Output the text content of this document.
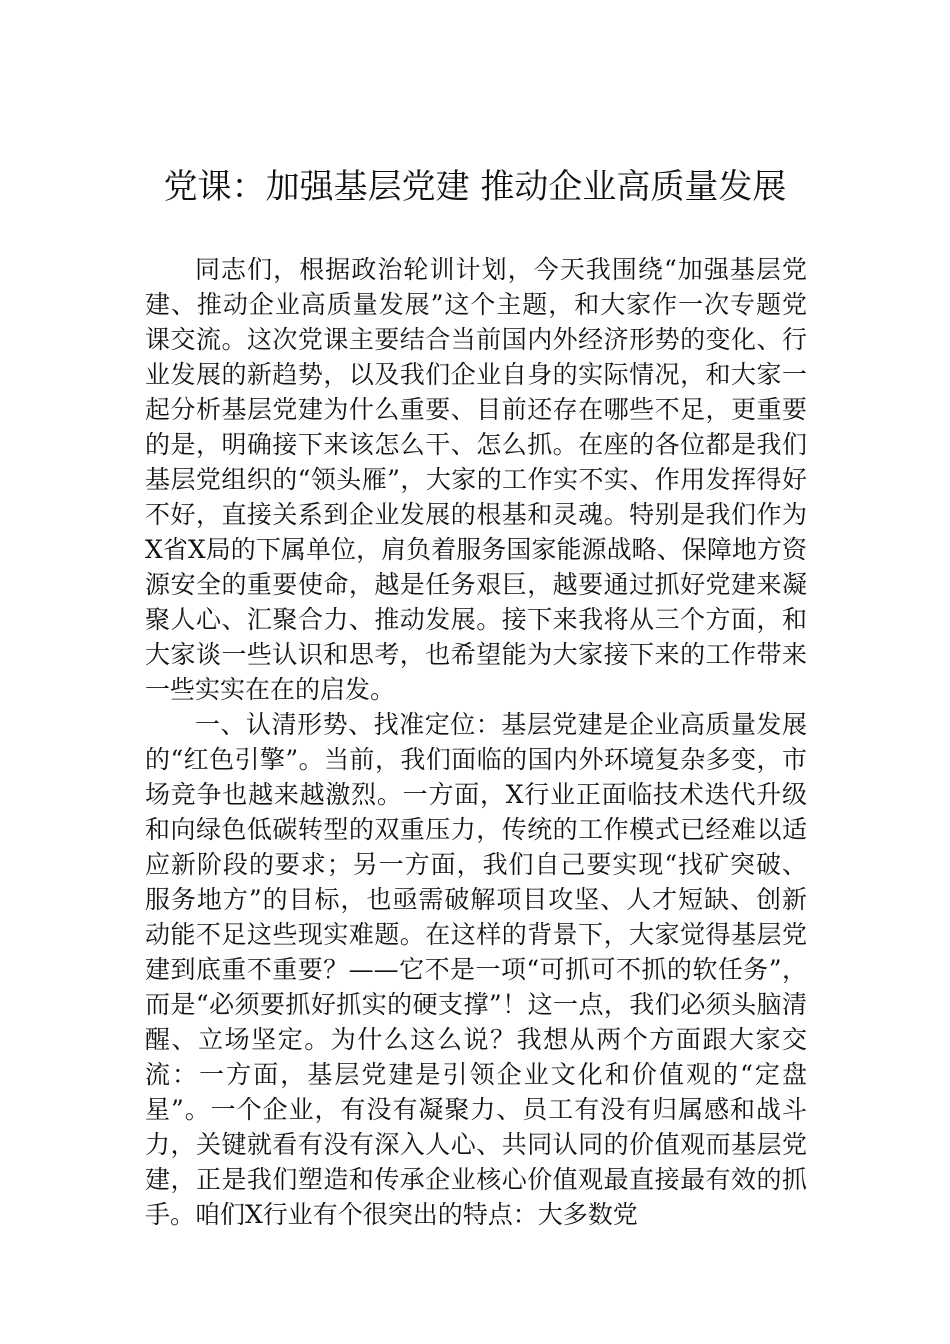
党课：加强基层党建 推动企业高质量发展

同志们，根据政治轮训计划，今天我围绕“加强基层党建、推动企业高质量发展”这个主题，和大家作一次专题党课交流。这次党课主要结合当前国内外经济形势的变化、行业发展的新趋势，以及我们企业自身的实际情况，和大家一起分析基层党建为什么重要、目前还存在哪些不足，更重要的是，明确接下来该怎么干、怎么抓。在座的各位都是我们基层党组织的“领头雁”，大家的工作实不实、作用发挥得好不好，直接关系到企业发展的根基和灵魂。特别是我们作为X省X局的下属单位，肩负着服务国家能源战略、保障地方资源安全的重要使命，越是任务艰巨，越要通过抓好党建来凝聚人心、汇聚合力、推动发展。接下来我将从三个方面，和大家谈一些认识和思考，也希望能为大家接下来的工作带来一些实实在在的启发。

一、认清形势、找准定位：基层党建是企业高质量发展的“红色引擎”。当前，我们面临的国内外环境复杂多变，市场竞争也越来越激烈。一方面，X行业正面临技术迭代升级和向绿色低碳转型的双重压力，传统的工作模式已经难以适应新阶段的要求；另一方面，我们自己要实现“找矿突破、服务地方”的目标，也亟需破解项目攻坚、人才短缺、创新动能不足这些现实难题。在这样的背景下，大家觉得基层党建到底重不重要？——它不是一项“可抓可不抓的软任务”，而是“必须要抓好抓实的硬支撑”！这一点，我们必须头脑清醒、立场坚定。为什么这么说？我想从两个方面跟大家交流：一方面，基层党建是引领企业文化和价值观的“定盘星”。一个企业，有没有凝聚力、员工有没有归属感和战斗力，关键就看有没有深入人心、共同认同的价值观而基层党建，正是我们塑造和传承企业核心价值观最直接最有效的抓手。咱们X行业有个很突出的特点：大多数党
